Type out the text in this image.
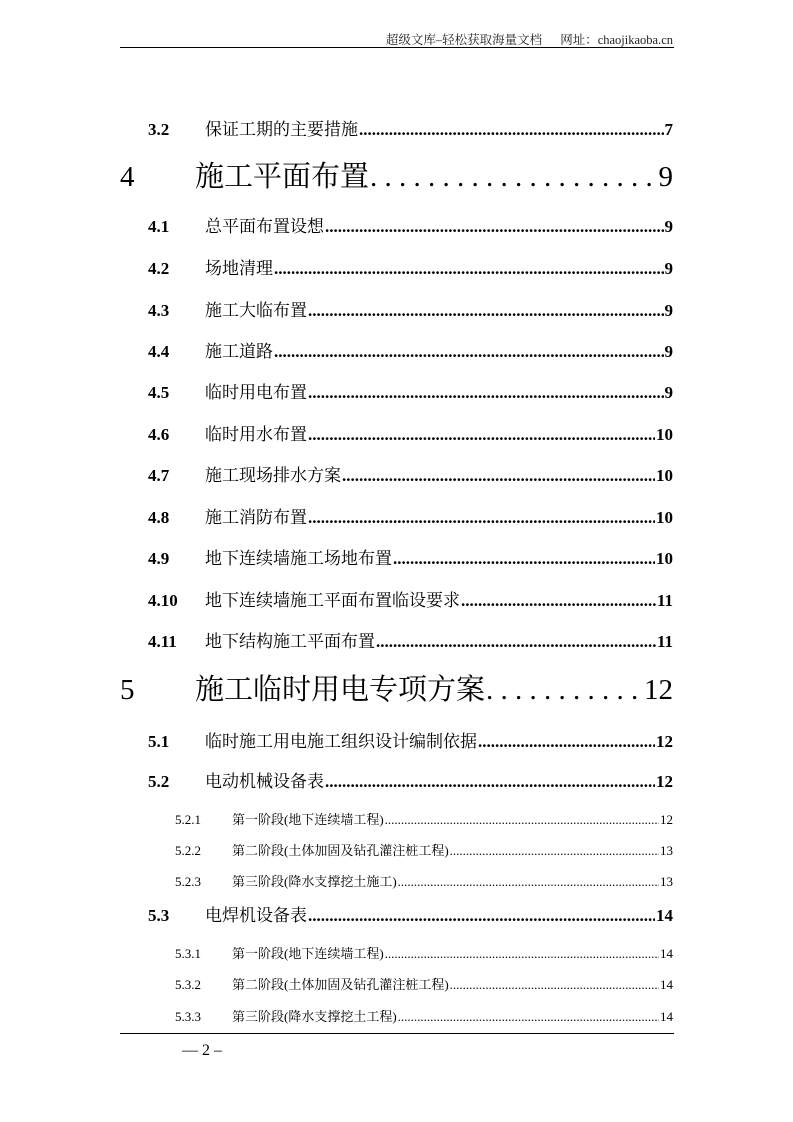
超级文库–轻松获取海量文档 网址：chaojikaoba.cn
3.2	保证工期的主要措施 .....	7
4	施工平面布置 . . .	9
4.1	总平面布置设想 .....	9
4.2	场地清理 .....	9
4.3	施工大临布置 .....	9
4.4	施工道路 .....	9
4.5	临时用电布置 .....	9
4.6	临时用水布置 .....	10
4.7	施工现场排水方案 .....	10
4.8	施工消防布置 .....	10
4.9	地下连续墙施工场地布置 .....	10
4.10	地下连续墙施工平面布置临设要求 .....	11
4.11	地下结构施工平面布置 .....	11
5	施工临时用电专项方案 . . .	12
5.1	临时施工用电施工组织设计编制依据 .....	12
5.2	电动机械设备表 .....	12
5.2.1	第一阶段(地下连续墙工程) .....	12
5.2.2	第二阶段(土体加固及钻孔灌注桩工程) .....	13
5.2.3	第三阶段(降水支撑挖土施工) .....	13
5.3	电焊机设备表 .....	14
5.3.1	第一阶段(地下连续墙工程) .....	14
5.3.2	第二阶段(土体加固及钻孔灌注桩工程) .....	14
5.3.3	第三阶段(降水支撑挖土工程) .....	14
— 2 –
